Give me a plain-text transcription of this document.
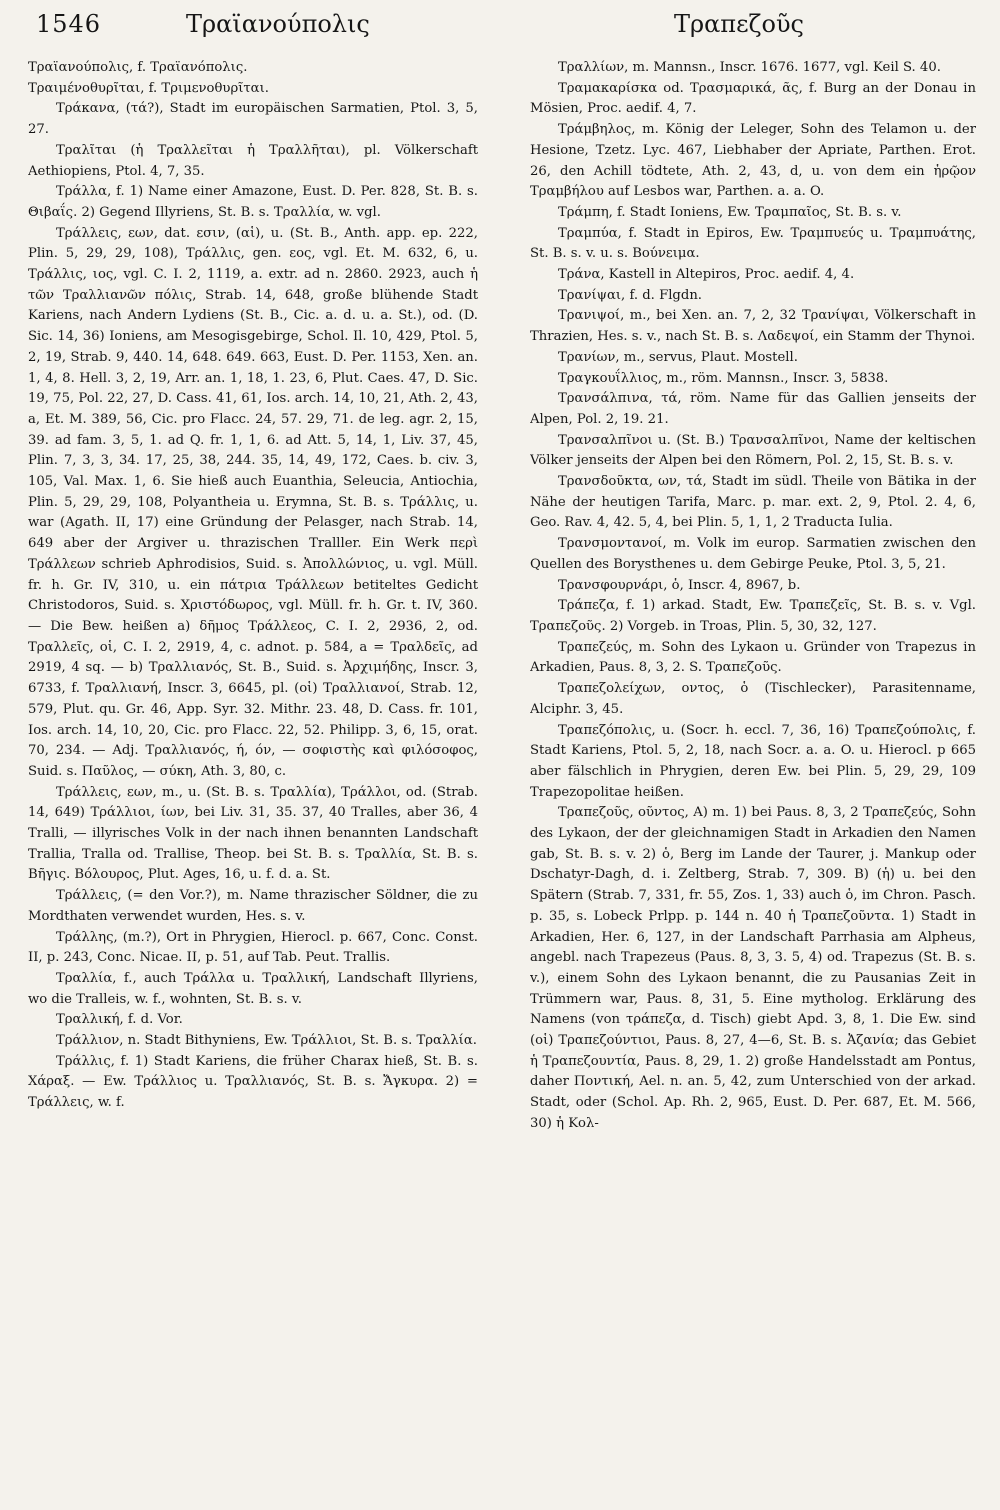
1546	Τραϊανούπολις	Τραπεζοῦς

Τραϊανούπολις, f. Τραϊανόπολις.

Τραιμένοθυρῖται, f. Τριμενοθυρῖται.

Τράκανα, (τά?), Stadt im europäischen Sarmatien, Ptol. 3, 5, 27.

Τραλῖται (ἡ Τραλλεῖται ἡ Τραλλῆται), pl. Völkerschaft Aethiopiens, Ptol. 4, 7, 35.

Τράλλα, f. 1) Name einer Amazone, Eust. D. Per. 828, St. B. s. Θιβαΐς. 2) Gegend Illyriens, St. B. s. Τραλλία, w. vgl.

Τράλλεις, εων, dat. εσιν, (αἱ), u. (St. B., Anth. app. ep. 222, Plin. 5, 29, 29, 108), Τράλλις, gen. εος, vgl. Et. M. 632, 6, u. Τράλλις, ιος, vgl. C. I. 2, 1119, a. extr. ad n. 2860. 2923, auch ἡ τῶν Τραλλιανῶν πόλις, Strab. 14, 648, große blühende Stadt Kariens, nach Andern Lydiens (St. B., Cic. a. d. u. a. St.), od. (D. Sic. 14, 36) Ioniens, am Mesogisgebirge, Schol. Il. 10, 429, Ptol. 5, 2, 19, Strab. 9, 440. 14, 648. 649. 663, Eust. D. Per. 1153, Xen. an. 1, 4, 8. Hell. 3, 2, 19, Arr. an. 1, 18, 1. 23, 6, Plut. Caes. 47, D. Sic. 19, 75, Pol. 22, 27, D. Cass. 41, 61, Ios. arch. 14, 10, 21, Ath. 2, 43, a, Et. M. 389, 56, Cic. pro Flacc. 24, 57. 29, 71. de leg. agr. 2, 15, 39. ad fam. 3, 5, 1. ad Q. fr. 1, 1, 6. ad Att. 5, 14, 1, Liv. 37, 45, Plin. 7, 3, 3, 34. 17, 25, 38, 244. 35, 14, 49, 172, Caes. b. civ. 3, 105, Val. Max. 1, 6. Sie hieß auch Euanthia, Seleucia, Antiochia, Plin. 5, 29, 29, 108, Polyantheia u. Erymna, St. B. s. Τράλλις, u. war (Agath. II, 17) eine Gründung der Pelasger, nach Strab. 14, 649 aber der Argiver u. thrazischen Tralller. Ein Werk περὶ Τράλλεων schrieb Aphrodisios, Suid. s. Ἀπολλώνιος, u. vgl. Müll. fr. h. Gr. IV, 310, u. ein πάτρια Τράλλεων betiteltes Gedicht Christodoros, Suid. s. Χριστόδωρος, vgl. Müll. fr. h. Gr. t. IV, 360. — Die Bew. heißen a) δῆμος Τράλλεος, C. I. 2, 2936, 2, od. Τραλλεῖς, οἱ, C. I. 2, 2919, 4, c. adnot. p. 584, a = Τραλδεῖς, ad 2919, 4 sq. — b) Τραλλιανός, St. B., Suid. s. Ἀρχιμήδης, Inscr. 3, 6733, f. Τραλλιανή, Inscr. 3, 6645, pl. (οἱ) Τραλλιανοί, Strab. 12, 579, Plut. qu. Gr. 46, App. Syr. 32. Mithr. 23. 48, D. Cass. fr. 101, Ios. arch. 14, 10, 20, Cic. pro Flacc. 22, 52. Philipp. 3, 6, 15, orat. 70, 234. — Adj. Τραλλιανός, ή, όν, — σοφιστὴς καὶ φιλόσοφος, Suid. s. Παῦλος, — σύκη, Ath. 3, 80, c.

Τράλλεις, εων, m., u. (St. B. s. Τραλλία), Τράλλοι, od. (Strab. 14, 649) Τράλλιοι, ίων, bei Liv. 31, 35. 37, 40 Tralles, aber 36, 4 Tralli, — illyrisches Volk in der nach ihnen benannten Landschaft Trallia, Tralla od. Trallise, Theop. bei St. B. s. Τραλλία, St. B. s. Βῆγις. Βόλουρος, Plut. Ages, 16, u. f. d. a. St.

Τράλλεις, (= den Vor.?), m. Name thrazischer Söldner, die zu Mordthaten verwendet wurden, Hes. s. v.

Τράλλης, (m.?), Ort in Phrygien, Hierocl. p. 667, Conc. Const. II, p. 243, Conc. Nicae. II, p. 51, auf Tab. Peut. Trallis.

Τραλλία, f., auch Τράλλα u. Τραλλική, Landschaft Illyriens, wo die Tralleis, w. f., wohnten, St. B. s. v.

Τραλλική, f. d. Vor.

Τράλλιον, n. Stadt Bithyniens, Ew. Τράλλιοι, St. B. s. Τραλλία.

Τράλλις, f. 1) Stadt Kariens, die früher Charax hieß, St. B. s. Χάραξ. — Ew. Τράλλιος u. Τραλλιανός, St. B. s. Ἄγκυρα. 2) = Τράλλεις, w. f.

Τραλλίων, m. Mannsn., Inscr. 1676. 1677, vgl. Keil S. 40.

Τραμακαρίσκα od. Τρασμαρικά, ᾶς, f. Burg an der Donau in Mösien, Proc. aedif. 4, 7.

Τράμβηλος, m. König der Leleger, Sohn des Telamon u. der Hesione, Tzetz. Lyc. 467, Liebhaber der Apriate, Parthen. Erot. 26, den Achill tödtete, Ath. 2, 43, d, u. von dem ein ἡρῷον Τραμβήλου auf Lesbos war, Parthen. a. a. O.

Τράμπη, f. Stadt Ioniens, Ew. Τραμπαῖος, St. B. s. v.

Τραμπύα, f. Stadt in Epiros, Ew. Τραμπυεύς u. Τραμπυάτης, St. B. s. v. u. s. Βούνειμα.

Τράνα, Kastell in Altepiros, Proc. aedif. 4, 4.

Τρανίψαι, f. d. Flgdn.

Τρανιψοί, m., bei Xen. an. 7, 2, 32 Τρανίψαι, Völkerschaft in Thrazien, Hes. s. v., nach St. B. s. Λαδεψοί, ein Stamm der Thynoi.

Τρανίων, m., servus, Plaut. Mostell.

Τραγκουΐλλιος, m., röm. Mannsn., Inscr. 3, 5838.

Τρανσάλπινα, τά, röm. Name für das Gallien jenseits der Alpen, Pol. 2, 19. 21.

Τρανσαλπῖνοι u. (St. B.) Τρανσαλπῖνοι, Name der keltischen Völker jenseits der Alpen bei den Römern, Pol. 2, 15, St. B. s. v.

Τρανσδοῦκτα, ων, τά, Stadt im südl. Theile von Bätika in der Nähe der heutigen Tarifa, Marc. p. mar. ext. 2, 9, Ptol. 2. 4, 6, Geo. Rav. 4, 42. 5, 4, bei Plin. 5, 1, 1, 2 Traducta Iulia.

Τρανσμοντανοί, m. Volk im europ. Sarmatien zwischen den Quellen des Borysthenes u. dem Gebirge Peuke, Ptol. 3, 5, 21.

Τρανσφουρνάρι, ὁ, Inscr. 4, 8967, b.

Τράπεζα, f. 1) arkad. Stadt, Ew. Τραπεζεῖς, St. B. s. v. Vgl. Τραπεζοῦς. 2) Vorgeb. in Troas, Plin. 5, 30, 32, 127.

Τραπεζεύς, m. Sohn des Lykaon u. Gründer von Trapezus in Arkadien, Paus. 8, 3, 2. S. Τραπεζοῦς.

Τραπεζολείχων, οντος, ὁ (Tischlecker), Parasitenname, Alciphr. 3, 45.

Τραπεζόπολις, u. (Socr. h. eccl. 7, 36, 16) Τραπεζούπολις, f. Stadt Kariens, Ptol. 5, 2, 18, nach Socr. a. a. O. u. Hierocl. p 665 aber fälschlich in Phrygien, deren Ew. bei Plin. 5, 29, 29, 109 Trapezopolitae heißen.

Τραπεζοῦς, οῦντος, A) m. 1) bei Paus. 8, 3, 2 Τραπεζεύς, Sohn des Lykaon, der der gleichnamigen Stadt in Arkadien den Namen gab, St. B. s. v. 2) ὁ, Berg im Lande der Taurer, j. Mankup oder Dschatyr-Dagh, d. i. Zeltberg, Strab. 7, 309. B) (ἡ) u. bei den Spätern (Strab. 7, 331, fr. 55, Zos. 1, 33) auch ὁ, im Chron. Pasch. p. 35, s. Lobeck Prlpp. p. 144 n. 40 ἡ Τραπεζοῦντα. 1) Stadt in Arkadien, Her. 6, 127, in der Landschaft Parrhasia am Alpheus, angebl. nach Trapezeus (Paus. 8, 3, 3. 5, 4) od. Trapezus (St. B. s. v.), einem Sohn des Lykaon benannt, die zu Pausanias Zeit in Trümmern war, Paus. 8, 31, 5. Eine mytholog. Erklärung des Namens (von τράπεζα, d. Tisch) giebt Apd. 3, 8, 1. Die Ew. sind (οἱ) Τραπεζούντιοι, Paus. 8, 27, 4—6, St. B. s. Ἀζανία; das Gebiet ἡ Τραπεζουντία, Paus. 8, 29, 1. 2) große Handelsstadt am Pontus, daher Ποντική, Ael. n. an. 5, 42, zum Unterschied von der arkad. Stadt, oder (Schol. Ap. Rh. 2, 965, Eust. D. Per. 687, Et. M. 566, 30) ἡ Κολ-
